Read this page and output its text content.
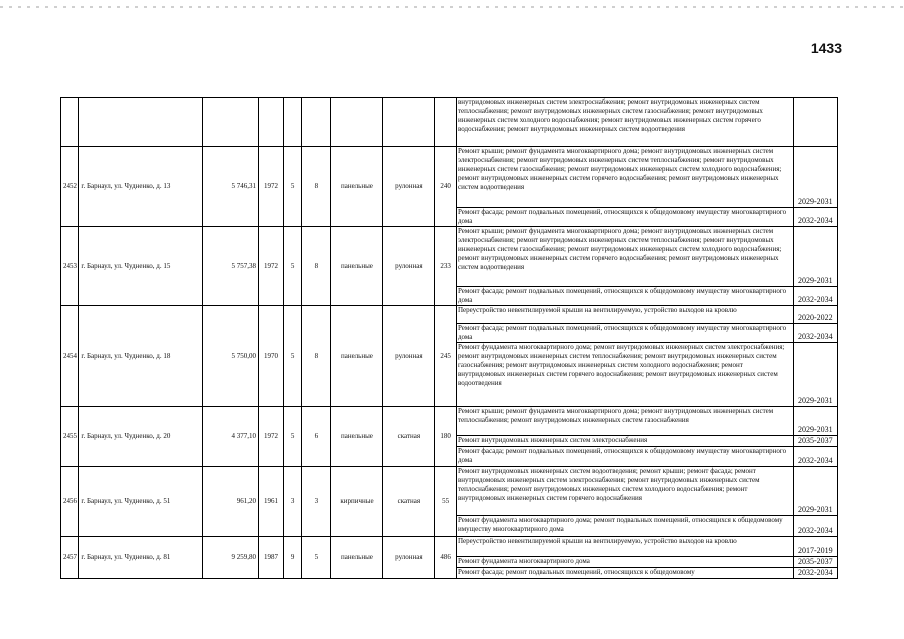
1433
									внутридомовых инженерных систем электроснабжения; ремонт внутридомовых инженерных систем теплоснабжения; ремонт внутридомовых инженерных систем газоснабжения; ремонт внутридомовых инженерных систем холодного водоснабжения; ремонт внутридомовых инженерных систем горячего водоснабжения; ремонт внутридомовых инженерных систем водоотведения	
2452	г. Барнаул, ул. Чудненко, д. 13	5 746,31	1972	5	8	панельные	рулонная	240	Ремонт крыши; ремонт фундамента многоквартирного дома; ремонт внутридомовых инженерных систем электроснабжения; ремонт внутридомовых инженерных систем теплоснабжения; ремонт внутридомовых инженерных систем газоснабжения; ремонт внутридомовых инженерных систем холодного водоснабжения; ремонт внутридомовых инженерных систем горячего водоснабжения; ремонт внутридомовых инженерных систем водоотведения	2029-2031
									Ремонт фасада; ремонт подвальных помещений, относящихся к общедомовому имуществу многоквартирного дома	2032-2034
2453	г. Барнаул, ул. Чудненко, д. 15	5 757,38	1972	5	8	панельные	рулонная	233	Ремонт крыши; ремонт фундамента многоквартирного дома; ремонт внутридомовых инженерных систем электроснабжения; ремонт внутридомовых инженерных систем теплоснабжения; ремонт внутридомовых инженерных систем газоснабжения; ремонт внутридомовых инженерных систем холодного водоснабжения; ремонт внутридомовых инженерных систем горячего водоснабжения; ремонт внутридомовых инженерных систем водоотведения	2029-2031
									Ремонт фасада; ремонт подвальных помещений, относящихся к общедомовому имуществу многоквартирного дома	2032-2034
2454	г. Барнаул, ул. Чудненко, д. 18	5 750,00	1970	5	8	панельные	рулонная	245	Переустройство невентилируемой крыши на вентилируемую, устройство выходов на кровлю	2020-2022
									Ремонт фасада; ремонт подвальных помещений, относящихся к общедомовому имуществу многоквартирного дома	2032-2034
									Ремонт фундамента многоквартирного дома; ремонт внутридомовых инженерных систем электроснабжения; ремонт внутридомовых инженерных систем теплоснабжения; ремонт внутридомовых инженерных систем газоснабжения; ремонт внутридомовых инженерных систем холодного водоснабжения; ремонт внутридомовых инженерных систем горячего водоснабжения; ремонт внутридомовых инженерных систем водоотведения	2029-2031
2455	г. Барнаул, ул. Чудненко, д. 20	4 377,10	1972	5	6	панельные	скатная	180	Ремонт крыши; ремонт фундамента многоквартирного дома; ремонт внутридомовых инженерных систем теплоснабжения; ремонт внутридомовых инженерных систем газоснабжения	2029-2031
									Ремонт внутридомовых инженерных систем электроснабжения	2035-2037
									Ремонт фасада; ремонт подвальных помещений, относящихся к общедомовому имуществу многоквартирного дома	2032-2034
2456	г. Барнаул, ул. Чудненко, д. 51	961,20	1961	3	3	кирпичные	скатная	55	Ремонт внутридомовых инженерных систем водоотведения; ремонт крыши; ремонт фасада; ремонт внутридомовых инженерных систем электроснабжения; ремонт внутридомовых инженерных систем теплоснабжения; ремонт внутридомовых инженерных систем холодного водоснабжения; ремонт внутридомовых инженерных систем горячего водоснабжения	2029-2031
									Ремонт фундамента многоквартирного дома; ремонт подвальных помещений, относящихся к общедомовому имуществу многоквартирного дома	2032-2034
2457	г. Барнаул, ул. Чудненко, д. 81	9 259,80	1987	9	5	панельные	рулонная	486	Переустройство невентилируемой крыши на вентилируемую, устройство выходов на кровлю	2017-2019
									Ремонт фундамента многоквартирного дома	2035-2037
									Ремонт фасада; ремонт подвальных помещений, относящихся к общедомовому	2032-2034
